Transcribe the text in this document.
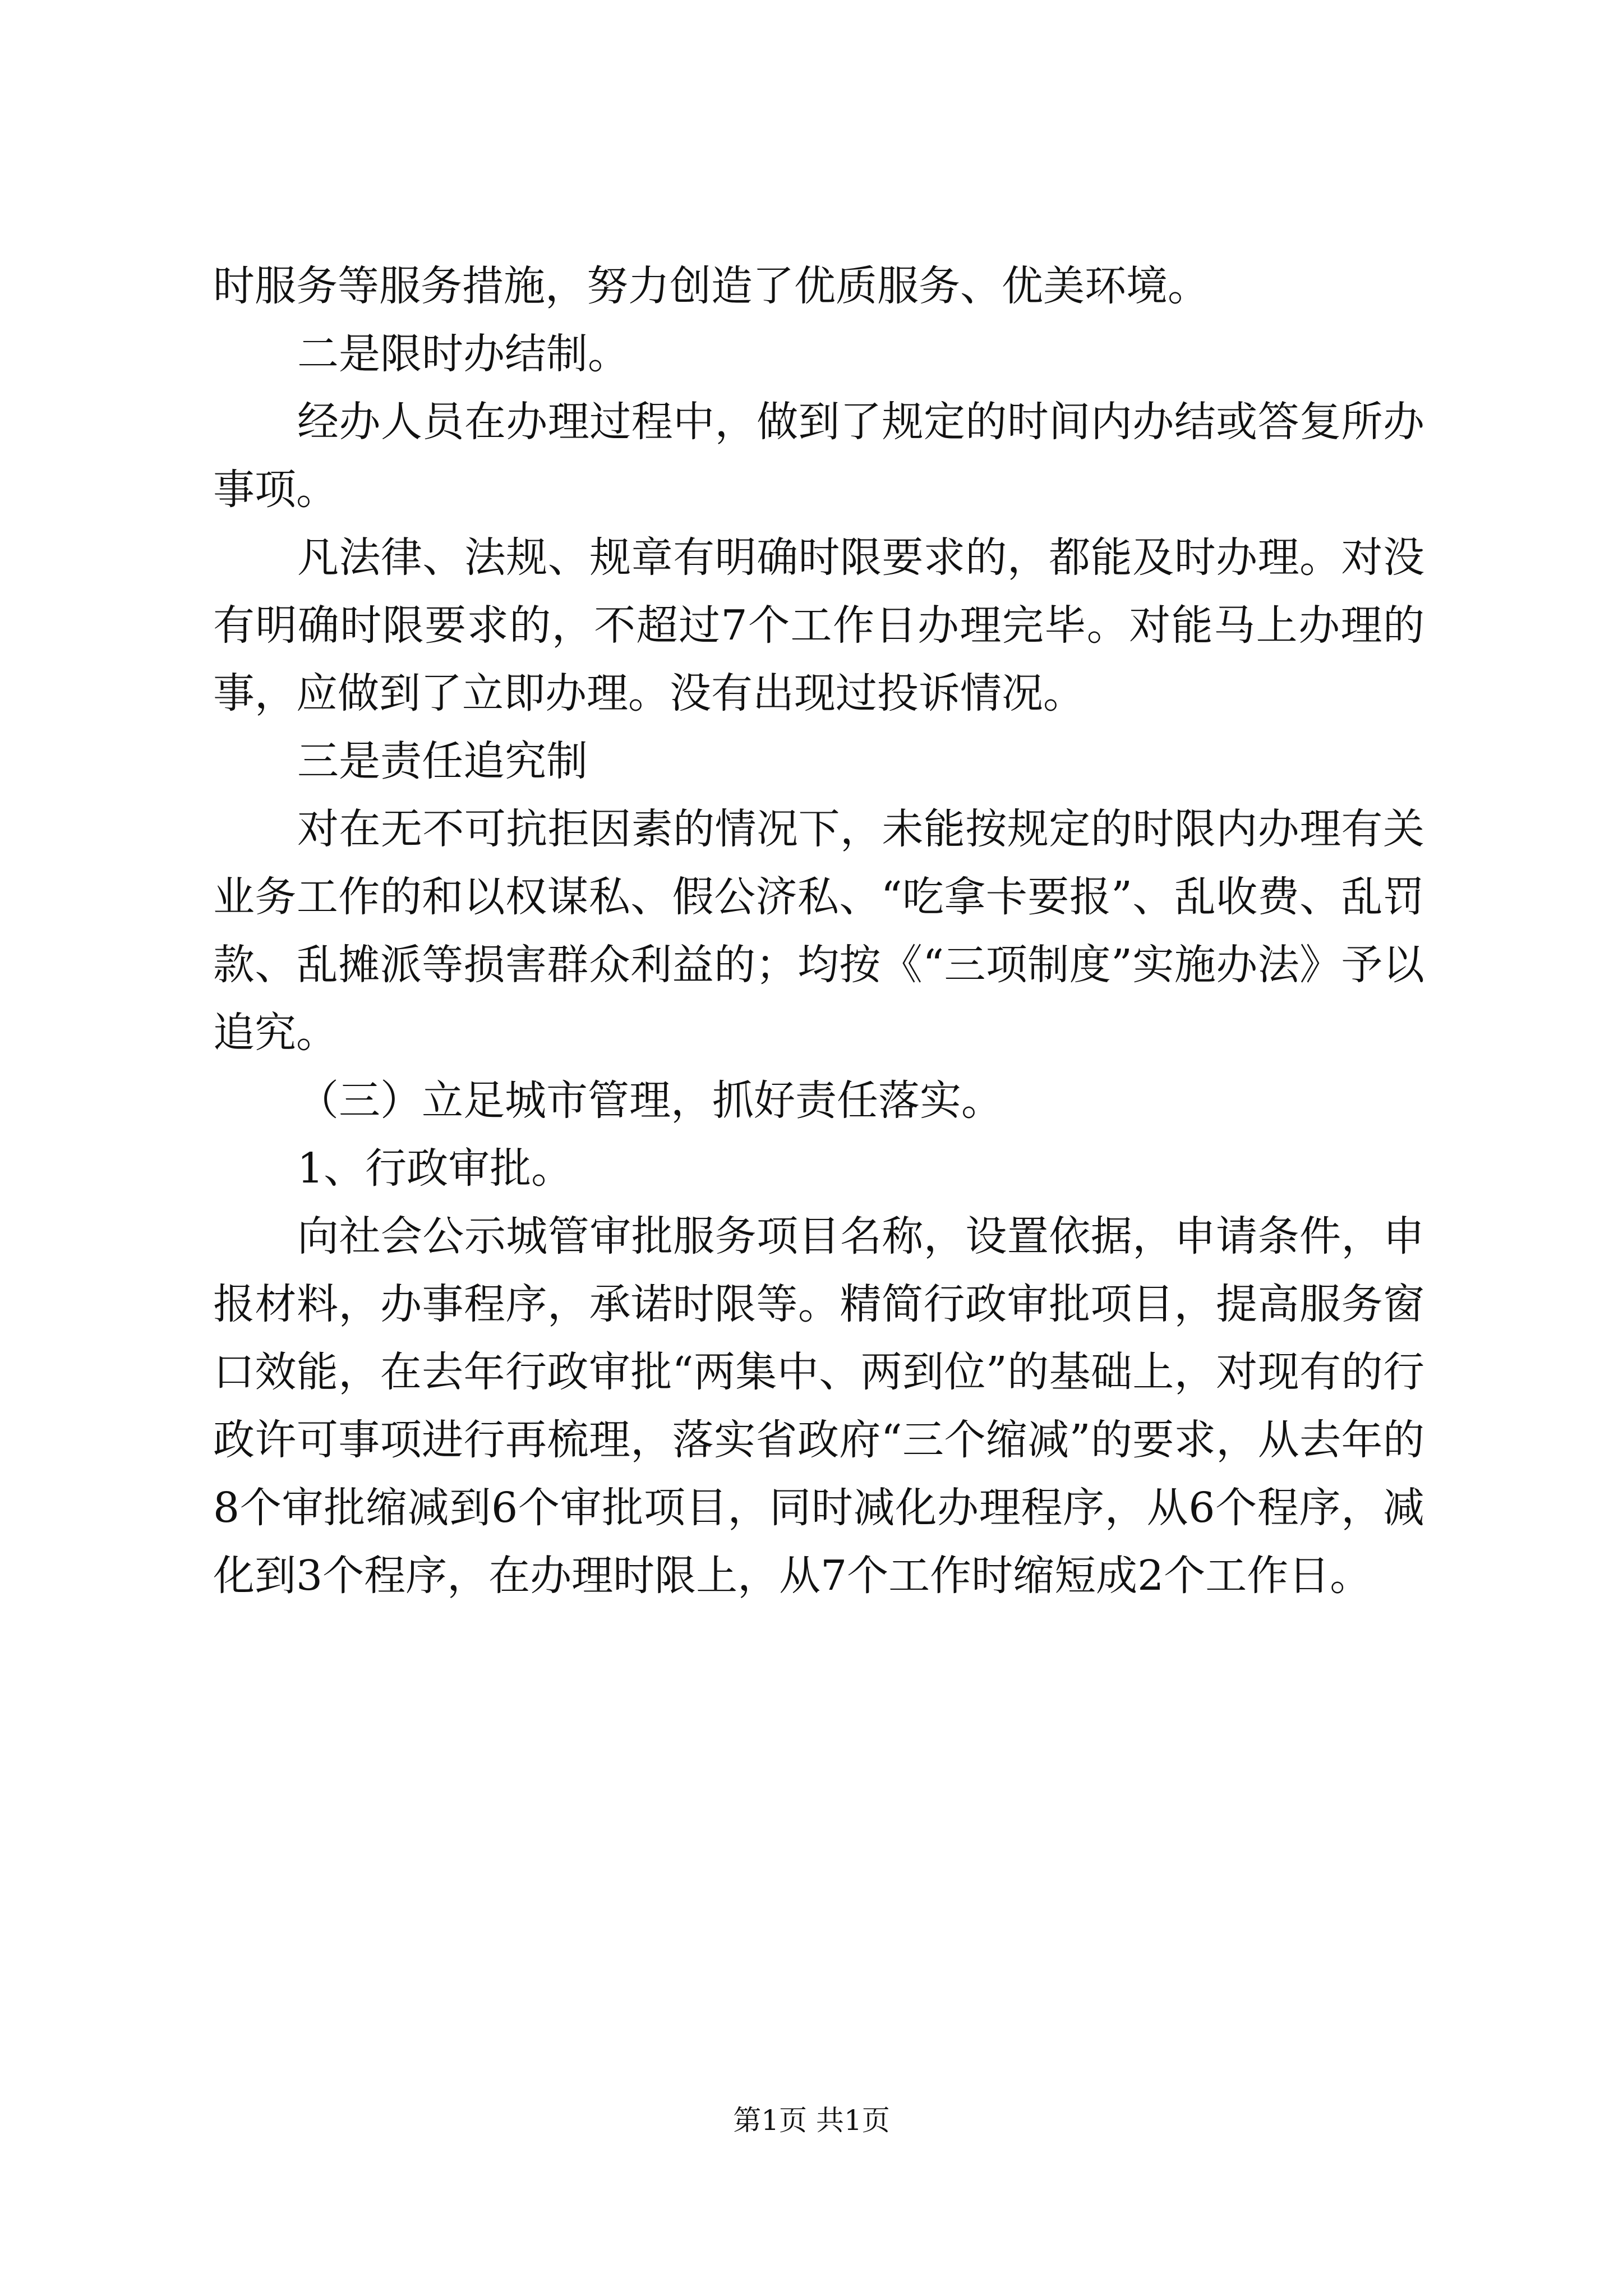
时服务等服务措施，努力创造了优质服务、优美环境。

二是限时办结制。

经办人员在办理过程中，做到了规定的时间内办结或答复所办事项。

凡法律、法规、规章有明确时限要求的，都能及时办理。对没有明确时限要求的，不超过7个工作日办理完毕。对能马上办理的事，应做到了立即办理。没有出现过投诉情况。

三是责任追究制

对在无不可抗拒因素的情况下，未能按规定的时限内办理有关业务工作的和以权谋私、假公济私、“吃拿卡要报”、乱收费、乱罚款、乱摊派等损害群众利益的；均按《“三项制度”实施办法》予以追究。

（三）立足城市管理，抓好责任落实。

1、行政审批。

向社会公示城管审批服务项目名称，设置依据，申请条件，申报材料，办事程序，承诺时限等。精简行政审批项目，提高服务窗口效能，在去年行政审批“两集中、两到位”的基础上，对现有的行政许可事项进行再梳理，落实省政府“三个缩减”的要求，从去年的8个审批缩减到6个审批项目，同时减化办理程序，从6个程序，减化到3个程序，在办理时限上，从7个工作时缩短成2个工作日。

第1页 共1页
